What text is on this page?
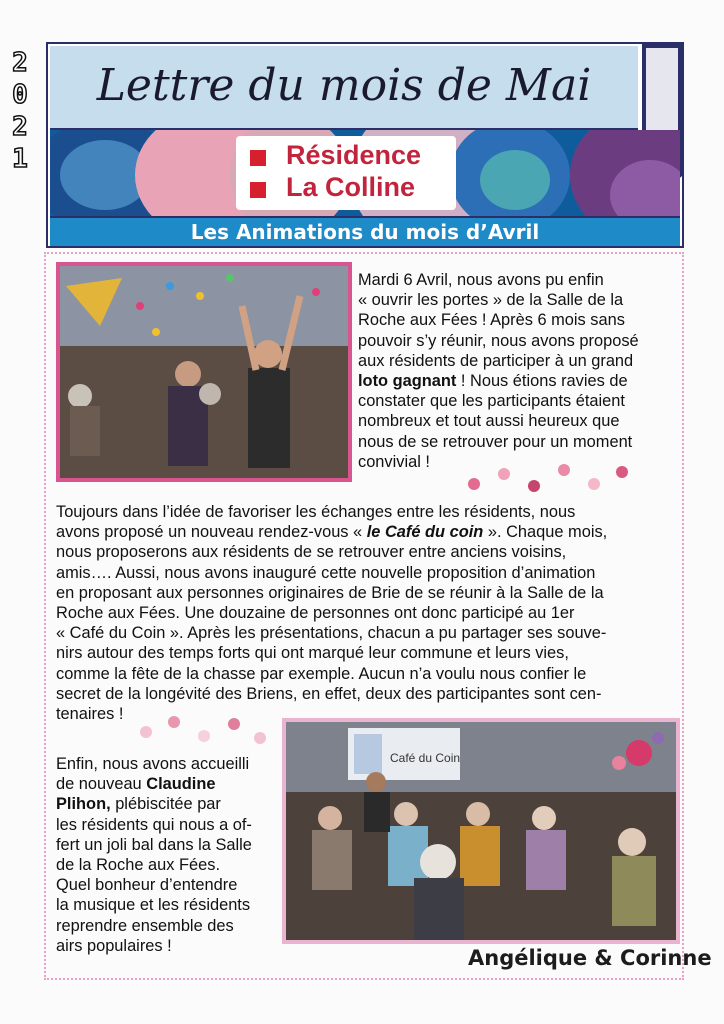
Lettre du mois de Mai
2
0
2
1	Résidence
La Colline
Les Animations du mois d’Avril
Mardi 6 Avril, nous avons pu enfin
« ouvrir les portes » de la Salle de la
Roche aux Fées ! Après 6 mois sans
pouvoir s’y réunir, nous avons proposé
aux résidents de participer à un grand
loto gagnant ! Nous étions ravies de
constater que les participants étaient
nombreux et tout aussi heureux que
nous de se retrouver pour un moment
convivial !
Toujours dans l’idée de favoriser les échanges entre les résidents, nous
avons proposé un nouveau rendez-vous « le Café du coin ». Chaque mois,
nous proposerons aux résidents de se retrouver entre anciens voisins,
amis…. Aussi, nous avons inauguré cette nouvelle proposition d’animation
en proposant aux personnes originaires de Brie de se réunir à la Salle de la
Roche aux Fées. Une douzaine de personnes ont donc participé au 1er
« Café du Coin ». Après les présentations, chacun a pu partager ses souve-
nirs autour des temps forts qui ont marqué leur commune et leurs vies,
comme la fête de la chasse par exemple. Aucun n’a voulu nous confier le
secret de la longévité des Briens, en effet, deux des participantes sont cen-
tenaires !
Café du Coin
Enfin, nous avons accueilli
de nouveau Claudine
Plihon, plébiscitée par
les résidents qui nous a of-
fert un joli bal dans la Salle
de la Roche aux Fées.
Quel bonheur d’entendre
la musique et les résidents
reprendre ensemble des
airs populaires !
Angélique & Corinne
